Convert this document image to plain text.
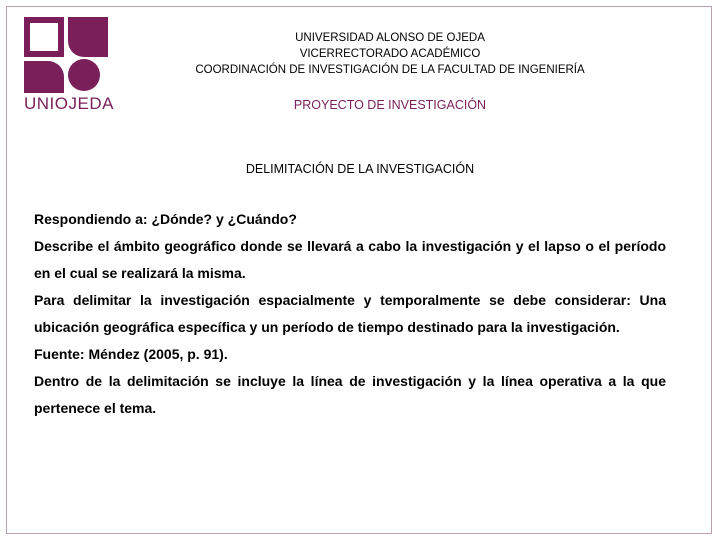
UNIOJEDA
UNIVERSIDAD ALONSO DE OJEDA
VICERRECTORADO ACADÉMICO
COORDINACIÓN DE INVESTIGACIÓN DE LA FACULTAD DE INGENIERÍA
PROYECTO DE INVESTIGACIÓN
DELIMITACIÓN DE LA INVESTIGACIÓN

Respondiendo a: ¿Dónde? y ¿Cuándo?

Describe el ámbito geográfico donde se llevará a cabo la investigación y el lapso o el período en el cual se realizará la misma.

Para delimitar la investigación espacialmente y temporalmente se debe considerar: Una ubicación geográfica específica y un período de tiempo destinado para la investigación.

Fuente: Méndez (2005, p. 91).

Dentro de la delimitación se incluye la línea de investigación y la línea operativa a la que pertenece el tema.
